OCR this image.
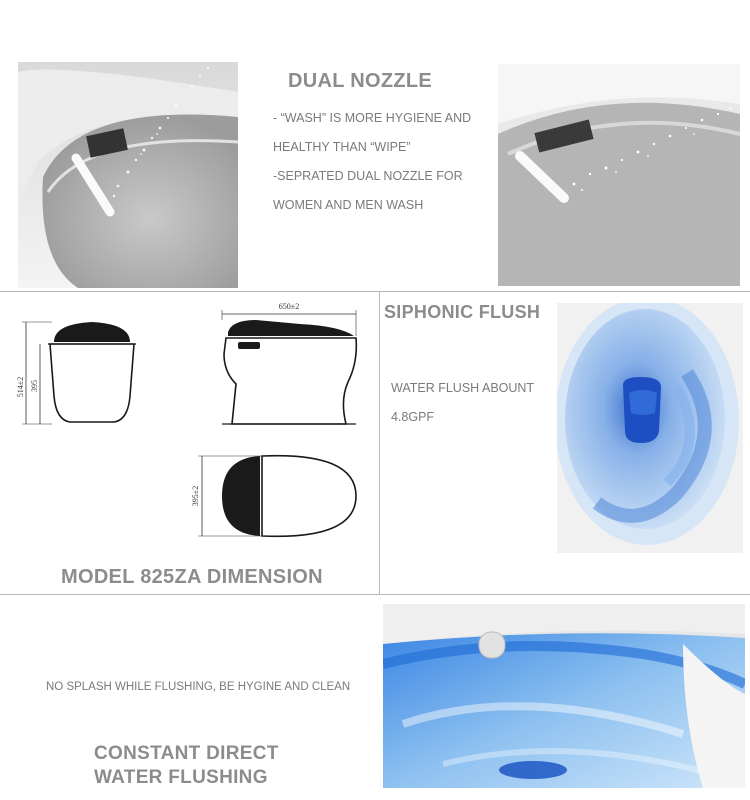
DUAL NOZZLE
- “WASH” IS MORE HYGIENE AND
HEALTHY THAN “WIPE”
-SEPRATED DUAL NOZZLE FOR
WOMEN AND MEN WASH
514±2 395
650±2
395±2
MODEL 825ZA DIMENSION
SIPHONIC FLUSH
WATER FLUSH ABOUNT
4.8GPF
NO SPLASH WHILE FLUSHING, BE HYGINE AND CLEAN
CONSTANT DIRECT
WATER FLUSHING
